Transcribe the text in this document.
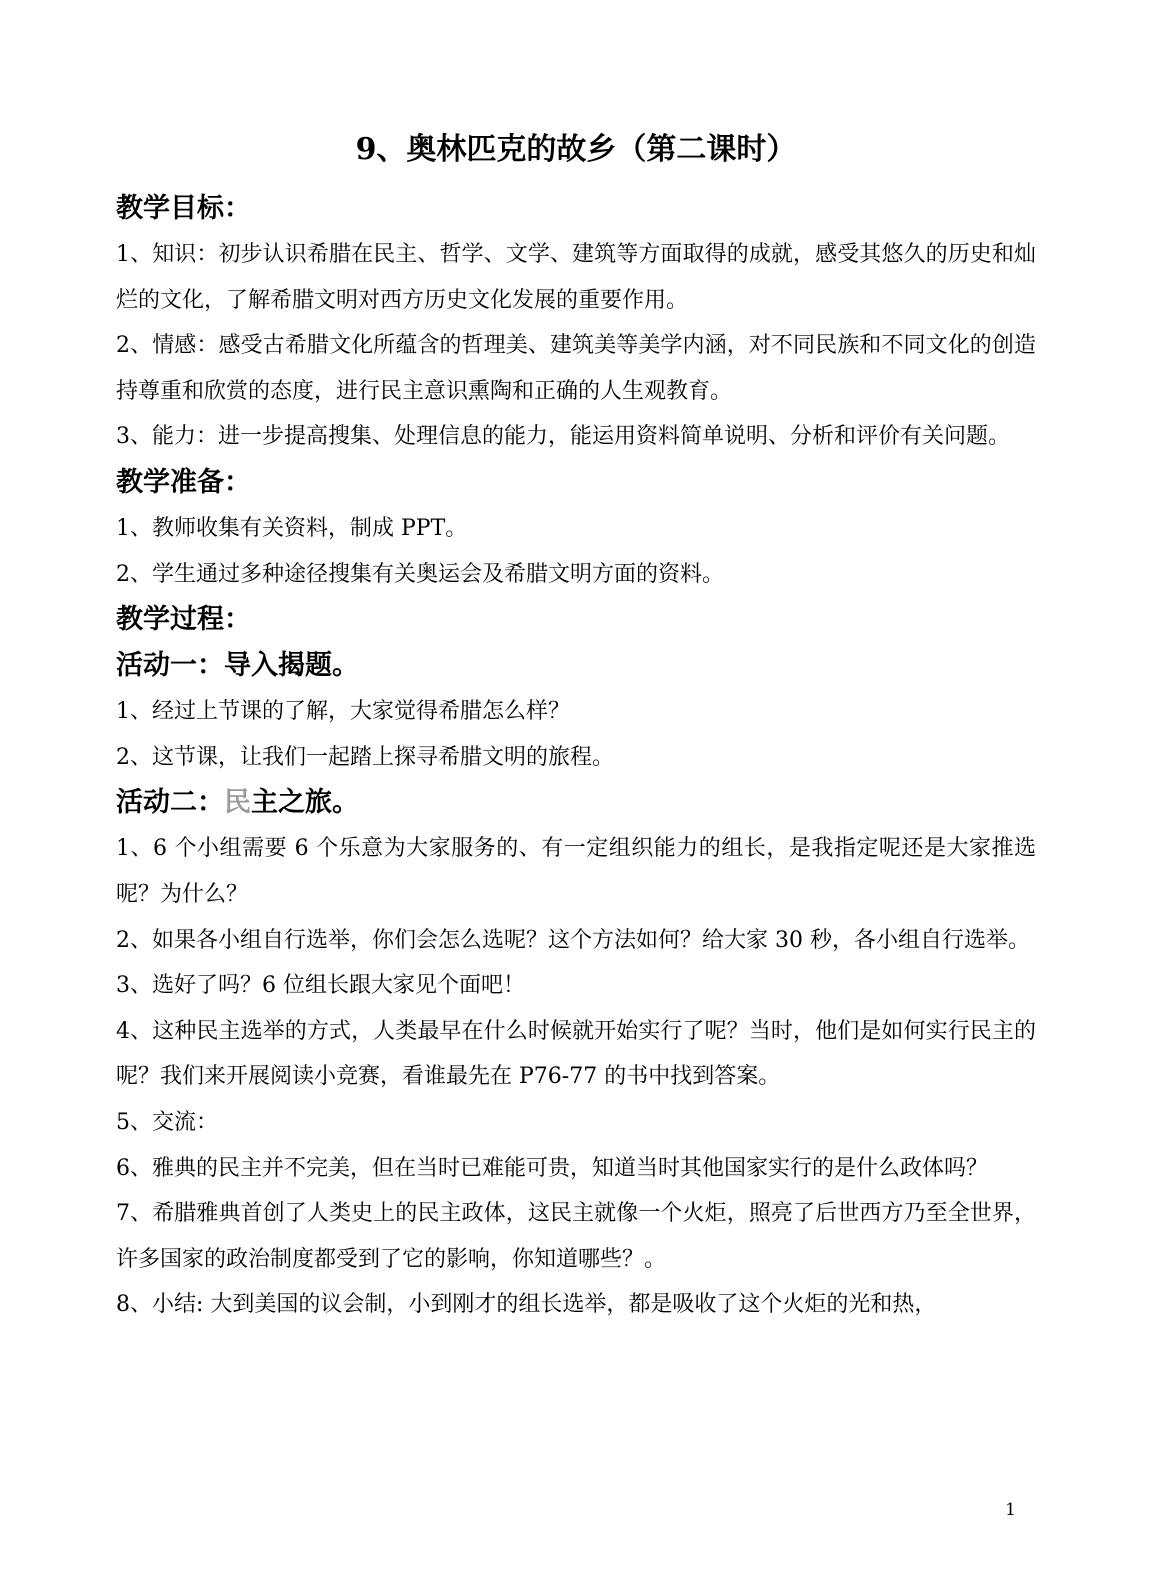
9、奥林匹克的故乡（第二课时）

教学目标：

1、知识：初步认识希腊在民主、哲学、文学、建筑等方面取得的成就，感受其悠久的历史和灿烂的文化，了解希腊文明对西方历史文化发展的重要作用。

2、情感：感受古希腊文化所蕴含的哲理美、建筑美等美学内涵，对不同民族和不同文化的创造持尊重和欣赏的态度，进行民主意识熏陶和正确的人生观教育。

3、能力：进一步提高搜集、处理信息的能力，能运用资料简单说明、分析和评价有关问题。

教学准备：

1、教师收集有关资料，制成 PPT。

2、学生通过多种途径搜集有关奥运会及希腊文明方面的资料。

教学过程：

活动一：导入揭题。

1、经过上节课的了解，大家觉得希腊怎么样？

2、这节课，让我们一起踏上探寻希腊文明的旅程。

活动二：民主之旅。

1、6 个小组需要 6 个乐意为大家服务的、有一定组织能力的组长，是我指定呢还是大家推选呢？为什么？

2、如果各小组自行选举，你们会怎么选呢？这个方法如何？给大家 30 秒，各小组自行选举。

3、选好了吗？6 位组长跟大家见个面吧！

4、这种民主选举的方式，人类最早在什么时候就开始实行了呢？当时，他们是如何实行民主的呢？我们来开展阅读小竞赛，看谁最先在 P76-77 的书中找到答案。

5、交流：

6、雅典的民主并不完美，但在当时已难能可贵，知道当时其他国家实行的是什么政体吗？

7、希腊雅典首创了人类史上的民主政体，这民主就像一个火炬，照亮了后世西方乃至全世界，许多国家的政治制度都受到了它的影响，你知道哪些？。

8、小结: 大到美国的议会制，小到刚才的组长选举，都是吸收了这个火炬的光和热，

1
